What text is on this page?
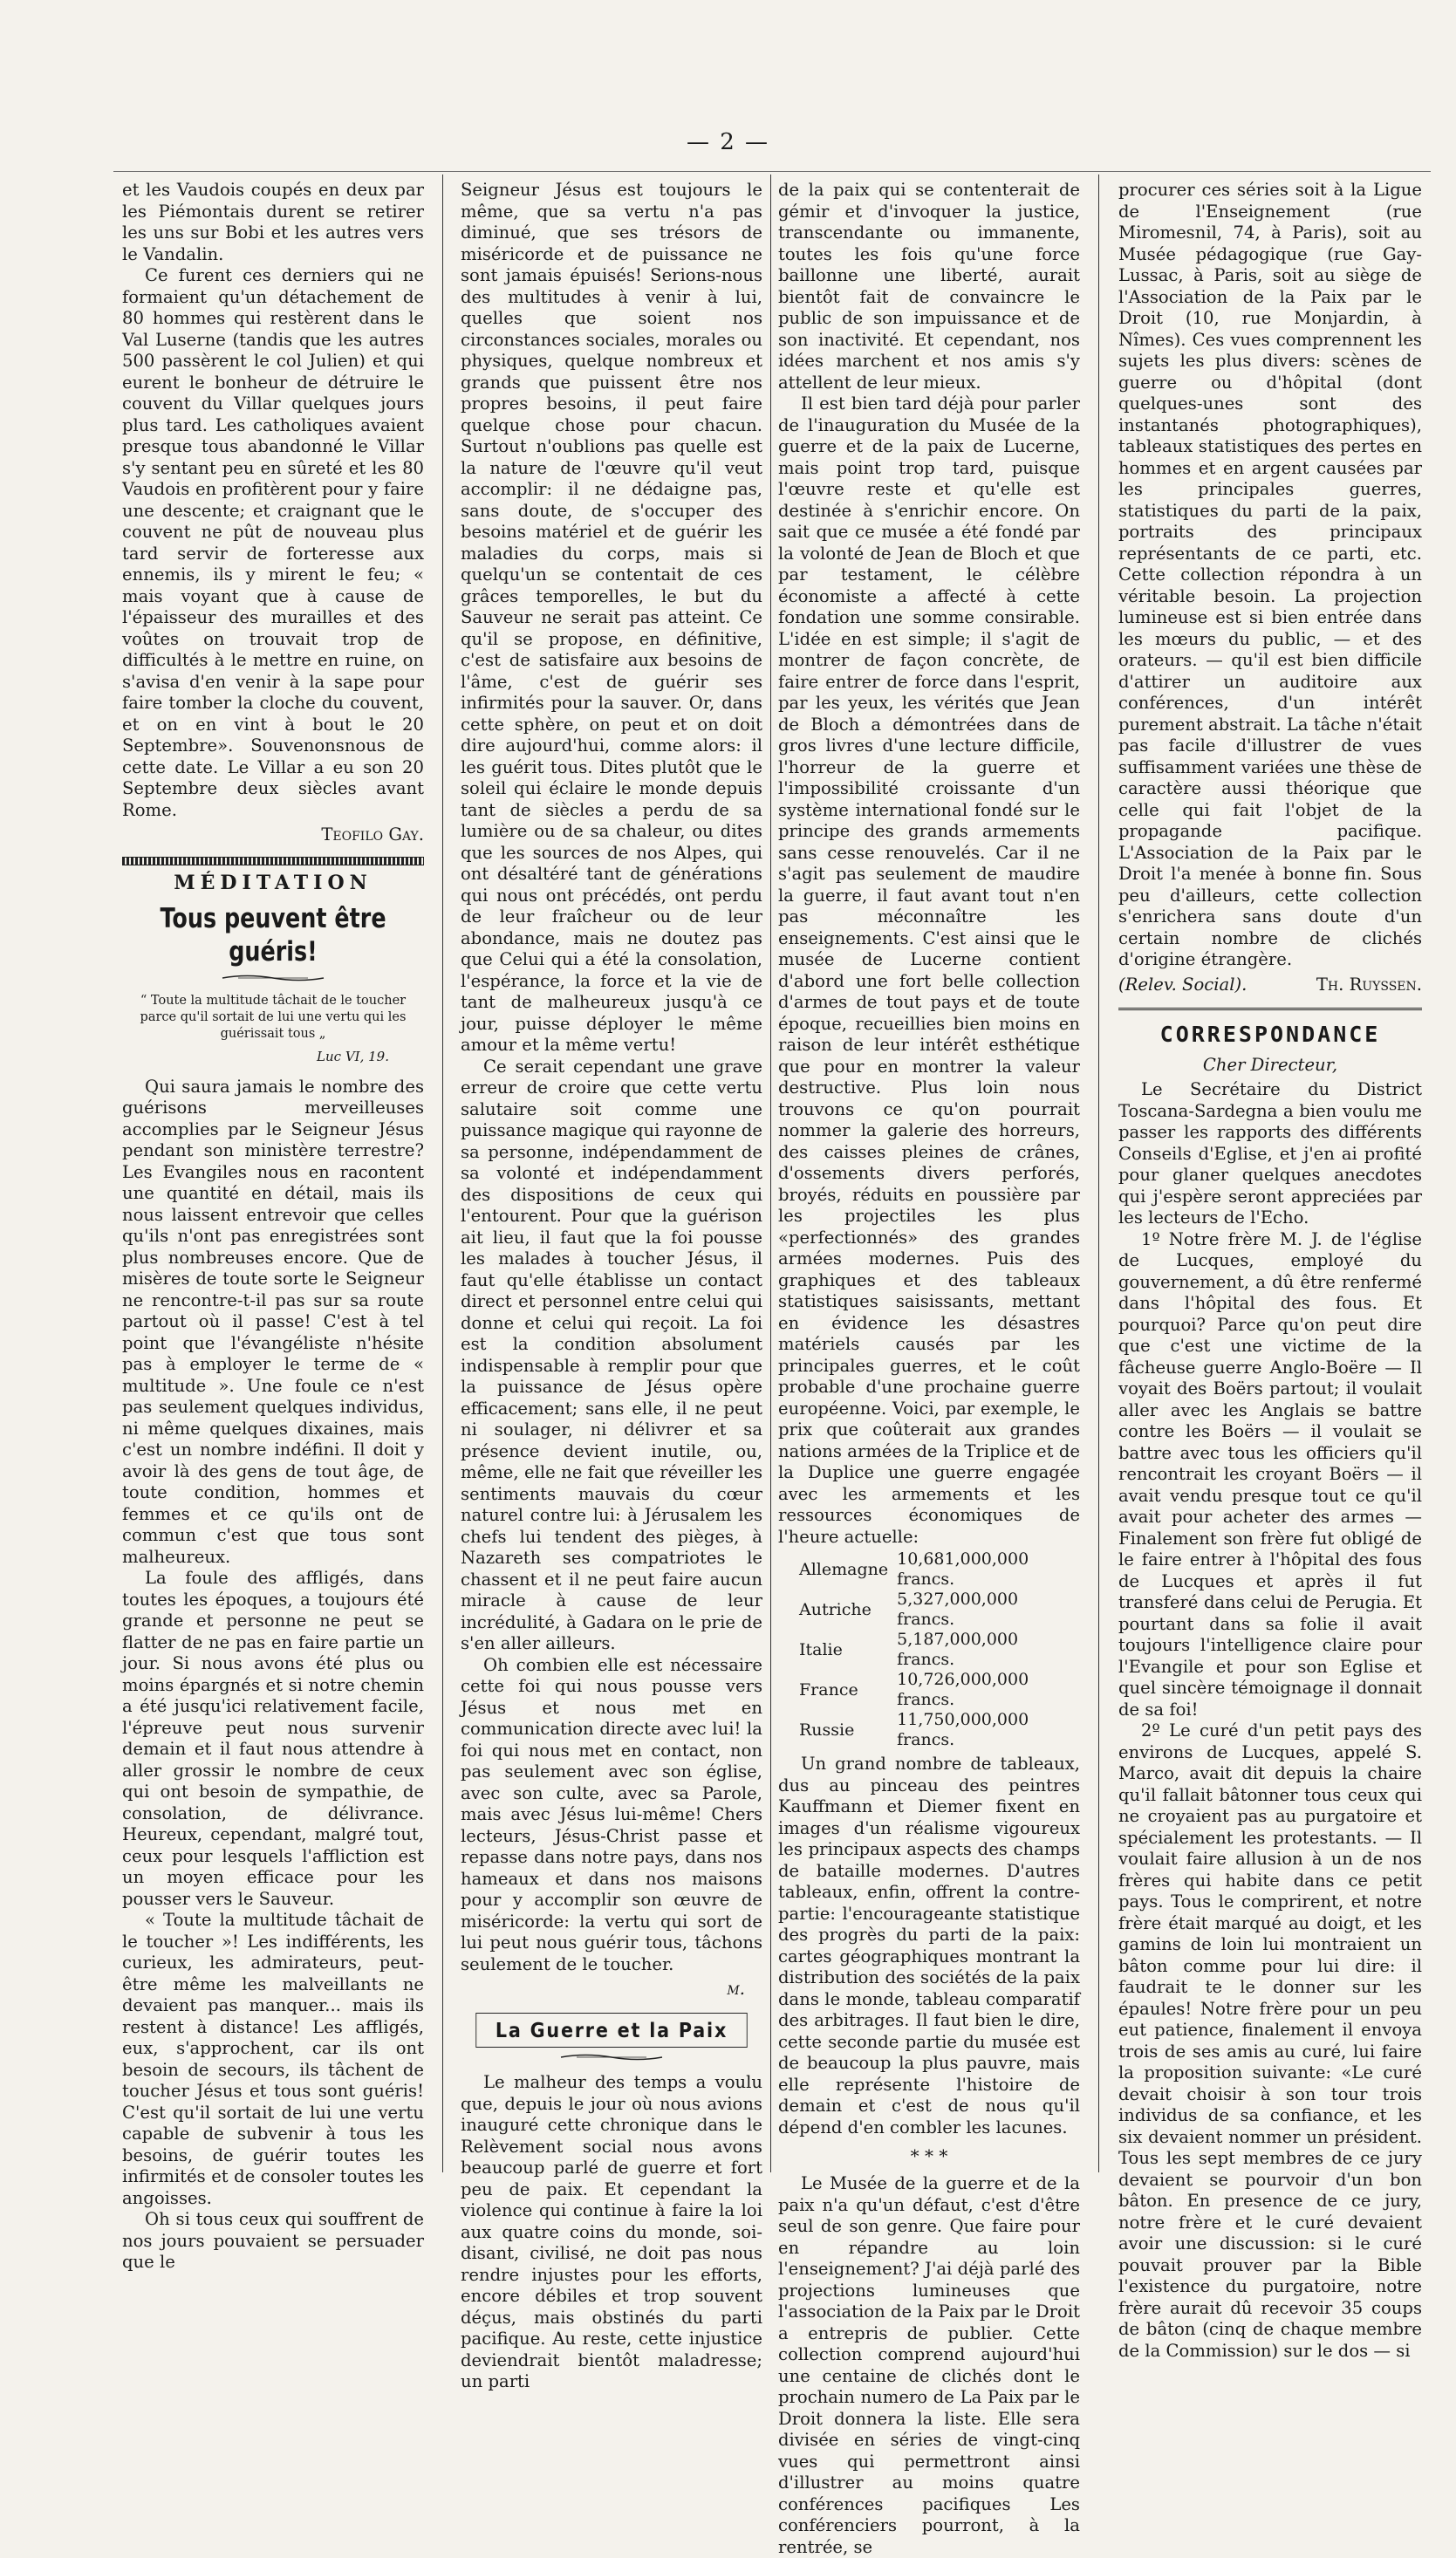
— 2 —

et les Vaudois coupés en deux par les Piémontais durent se retirer les uns sur Bobi et les autres vers le Vandalin.

Ce furent ces derniers qui ne formaient qu'un détachement de 80 hommes qui restèrent dans le Val Luserne (tandis que les autres 500 passèrent le col Julien) et qui eurent le bonheur de détruire le couvent du Villar quelques jours plus tard. Les catholiques avaient presque tous abandonné le Villar s'y sentant peu en sûreté et les 80 Vaudois en profitèrent pour y faire une descente; et craignant que le couvent ne pût de nouveau plus tard servir de forteresse aux ennemis, ils y mirent le feu; « mais voyant que à cause de l'épaisseur des murailles et des voûtes on trouvait trop de difficultés à le mettre en ruine, on s'avisa d'en venir à la sape pour faire tomber la cloche du couvent, et on en vint à bout le 20 Septembre». Souvenonsnous de cette date. Le Villar a eu son 20 Septembre deux siècles avant Rome.

Teofilo Gay.
MÉDITATION
Tous peuvent être guéris!
“ Toute la multitude tâchait de le toucher parce qu'il sortait de lui une vertu qui les guérissait tous „
Luc VI, 19.

Qui saura jamais le nombre des guérisons merveilleuses accomplies par le Seigneur Jésus pendant son ministère terrestre? Les Evangiles nous en racontent une quantité en détail, mais ils nous laissent entrevoir que celles qu'ils n'ont pas enregistrées sont plus nombreuses encore. Que de misères de toute sorte le Seigneur ne rencontre-t-il pas sur sa route partout où il passe! C'est à tel point que l'évangéliste n'hésite pas à employer le terme de « multitude ». Une foule ce n'est pas seulement quelques individus, ni même quelques dixaines, mais c'est un nombre indéfini. Il doit y avoir là des gens de tout âge, de toute condition, hommes et femmes et ce qu'ils ont de commun c'est que tous sont malheureux.

La foule des affligés, dans toutes les époques, a toujours été grande et personne ne peut se flatter de ne pas en faire partie un jour. Si nous avons été plus ou moins épargnés et si notre chemin a été jusqu'ici relativement facile, l'épreuve peut nous survenir demain et il faut nous attendre à aller grossir le nombre de ceux qui ont besoin de sympathie, de consolation, de délivrance. Heureux, cependant, malgré tout, ceux pour lesquels l'affliction est un moyen efficace pour les pousser vers le Sauveur.

« Toute la multitude tâchait de le toucher »! Les indifférents, les curieux, les admirateurs, peut-être même les malveillants ne devaient pas manquer... mais ils restent à distance! Les affligés, eux, s'approchent, car ils ont besoin de secours, ils tâchent de toucher Jésus et tous sont guéris! C'est qu'il sortait de lui une vertu capable de subvenir à tous les besoins, de guérir toutes les infirmités et de consoler toutes les angoisses.

Oh si tous ceux qui souffrent de nos jours pouvaient se persuader que le

Seigneur Jésus est toujours le même, que sa vertu n'a pas diminué, que ses trésors de miséricorde et de puissance ne sont jamais épuisés! Serions-nous des multitudes à venir à lui, quelles que soient nos circonstances sociales, morales ou physiques, quelque nombreux et grands que puissent être nos propres besoins, il peut faire quelque chose pour chacun. Surtout n'oublions pas quelle est la nature de l'œuvre qu'il veut accomplir: il ne dédaigne pas, sans doute, de s'occuper des besoins matériel et de guérir les maladies du corps, mais si quelqu'un se contentait de ces grâces temporelles, le but du Sauveur ne serait pas atteint. Ce qu'il se propose, en définitive, c'est de satisfaire aux besoins de l'âme, c'est de guérir ses infirmités pour la sauver. Or, dans cette sphère, on peut et on doit dire aujourd'hui, comme alors: il les guérit tous. Dites plutôt que le soleil qui éclaire le monde depuis tant de siècles a perdu de sa lumière ou de sa chaleur, ou dites que les sources de nos Alpes, qui ont désaltéré tant de générations qui nous ont précédés, ont perdu de leur fraîcheur ou de leur abondance, mais ne doutez pas que Celui qui a été la consolation, l'espérance, la force et la vie de tant de malheureux jusqu'à ce jour, puisse déployer le même amour et la même vertu!

Ce serait cependant une grave erreur de croire que cette vertu salutaire soit comme une puissance magique qui rayonne de sa personne, indépendamment de sa volonté et indépendamment des dispositions de ceux qui l'entourent. Pour que la guérison ait lieu, il faut que la foi pousse les malades à toucher Jésus, il faut qu'elle établisse un contact direct et personnel entre celui qui donne et celui qui reçoit. La foi est la condition absolument indispensable à remplir pour que la puissance de Jésus opère efficacement; sans elle, il ne peut ni soulager, ni délivrer et sa présence devient inutile, ou, même, elle ne fait que réveiller les sentiments mauvais du cœur naturel contre lui: à Jérusalem les chefs lui tendent des pièges, à Nazareth ses compatriotes le chassent et il ne peut faire aucun miracle à cause de leur incrédulité, à Gadara on le prie de s'en aller ailleurs.

Oh combien elle est nécessaire cette foi qui nous pousse vers Jésus et nous met en communication directe avec lui! la foi qui nous met en contact, non pas seulement avec son église, avec son culte, avec sa Parole, mais avec Jésus lui-même! Chers lecteurs, Jésus-Christ passe et repasse dans notre pays, dans nos hameaux et dans nos maisons pour y accomplir son œuvre de miséricorde: la vertu qui sort de lui peut nous guérir tous, tâchons seulement de le toucher.

m.
La Guerre et la Paix

Le malheur des temps a voulu que, depuis le jour où nous avions inauguré cette chronique dans le Relèvement social nous avons beaucoup parlé de guerre et fort peu de paix. Et cependant la violence qui continue à faire la loi aux quatre coins du monde, soi-disant, civilisé, ne doit pas nous rendre injustes pour les efforts, encore débiles et trop souvent déçus, mais obstinés du parti pacifique. Au reste, cette injustice deviendrait bientôt maladresse; un parti

de la paix qui se contenterait de gémir et d'invoquer la justice, transcendante ou immanente, toutes les fois qu'une force baillonne une liberté, aurait bientôt fait de convaincre le public de son impuissance et de son inactivité. Et cependant, nos idées marchent et nos amis s'y attellent de leur mieux.

Il est bien tard déjà pour parler de l'inauguration du Musée de la guerre et de la paix de Lucerne, mais point trop tard, puisque l'œuvre reste et qu'elle est destinée à s'enrichir encore. On sait que ce musée a été fondé par la volonté de Jean de Bloch et que par testament, le célèbre économiste a affecté à cette fondation une somme consirable. L'idée en est simple; il s'agit de montrer de façon concrète, de faire entrer de force dans l'esprit, par les yeux, les vérités que Jean de Bloch a démontrées dans de gros livres d'une lecture difficile, l'horreur de la guerre et l'impossibilité croissante d'un système international fondé sur le principe des grands armements sans cesse renouvelés. Car il ne s'agit pas seulement de maudire la guerre, il faut avant tout n'en pas méconnaître les enseignements. C'est ainsi que le musée de Lucerne contient d'abord une fort belle collection d'armes de tout pays et de toute époque, recueillies bien moins en raison de leur intérêt esthétique que pour en montrer la valeur destructive. Plus loin nous trouvons ce qu'on pourrait nommer la galerie des horreurs, des caisses pleines de crânes, d'ossements divers perforés, broyés, réduits en poussière par les projectiles les plus «perfectionnés» des grandes armées modernes. Puis des graphiques et des tableaux statistiques saisissants, mettant en évidence les désastres matériels causés par les principales guerres, et le coût probable d'une prochaine guerre européenne. Voici, par exemple, le prix que coûterait aux grandes nations armées de la Triplice et de la Duplice une guerre engagée avec les armements et les ressources économiques de l'heure actuelle:

Allemagne	10,681,000,000 francs.
Autriche	5,327,000,000 francs.
Italie	5,187,000,000 francs.
France	10,726,000,000 francs.
Russie	11,750,000,000 francs.

Un grand nombre de tableaux, dus au pinceau des peintres Kauffmann et Diemer fixent en images d'un réalisme vigoureux les principaux aspects des champs de bataille modernes. D'autres tableaux, enfin, offrent la contre-partie: l'encourageante statistique des progrès du parti de la paix: cartes géographiques montrant la distribution des sociétés de la paix dans le monde, tableau comparatif des arbitrages. Il faut bien le dire, cette seconde partie du musée est de beaucoup la plus pauvre, mais elle représente l'histoire de demain et c'est de nous qu'il dépend d'en combler les lacunes.

* * *

Le Musée de la guerre et de la paix n'a qu'un défaut, c'est d'être seul de son genre. Que faire pour en répandre au loin l'enseignement? J'ai déjà parlé des projections lumineuses que l'association de la Paix par le Droit a entrepris de publier. Cette collection comprend aujourd'hui une centaine de clichés dont le prochain numero de La Paix par le Droit donnera la liste. Elle sera divisée en séries de vingt-cinq vues qui permettront ainsi d'illustrer au moins quatre conférences pacifiques Les conférenciers pourront, à la rentrée, se

procurer ces séries soit à la Ligue de l'Enseignement (rue Miromesnil, 74, à Paris), soit au Musée pédagogique (rue Gay-Lussac, à Paris, soit au siège de l'Association de la Paix par le Droit (10, rue Monjardin, à Nîmes). Ces vues comprennent les sujets les plus divers: scènes de guerre ou d'hôpital (dont quelques-unes sont des instantanés photographiques), tableaux statistiques des pertes en hommes et en argent causées par les principales guerres, statistiques du parti de la paix, portraits des principaux représentants de ce parti, etc. Cette collection répondra à un véritable besoin. La projection lumineuse est si bien entrée dans les mœurs du public, — et des orateurs. — qu'il est bien difficile d'attirer un auditoire aux conférences, d'un intérêt purement abstrait. La tâche n'était pas facile d'illustrer de vues suffisamment variées une thèse de caractère aussi théorique que celle qui fait l'objet de la propagande pacifique. L'Association de la Paix par le Droit l'a menée à bonne fin. Sous peu d'ailleurs, cette collection s'enrichera sans doute d'un certain nombre de clichés d'origine étrangère.

(Relev. Social).	Th. Ruyssen.
CORRESPONDANCE
Cher Directeur,

Le Secrétaire du District Toscana-Sardegna a bien voulu me passer les rapports des différents Conseils d'Eglise, et j'en ai profité pour glaner quelques anecdotes qui j'espère seront appreciées par les lecteurs de l'Echo.

1º Notre frère M. J. de l'église de Lucques, employé du gouvernement, a dû être renfermé dans l'hôpital des fous. Et pourquoi? Parce qu'on peut dire que c'est une victime de la fâcheuse guerre Anglo-Boëre — Il voyait des Boërs partout; il voulait aller avec les Anglais se battre contre les Boërs — il voulait se battre avec tous les officiers qu'il rencontrait les croyant Boërs — il avait vendu presque tout ce qu'il avait pour acheter des armes — Finalement son frère fut obligé de le faire entrer à l'hôpital des fous de Lucques et après il fut transferé dans celui de Perugia. Et pourtant dans sa folie il avait toujours l'intelligence claire pour l'Evangile et pour son Eglise et quel sincère témoignage il donnait de sa foi!

2º Le curé d'un petit pays des environs de Lucques, appelé S. Marco, avait dit depuis la chaire qu'il fallait bâtonner tous ceux qui ne croyaient pas au purgatoire et spécialement les protestants. — Il voulait faire allusion à un de nos frères qui habite dans ce petit pays. Tous le comprirent, et notre frère était marqué au doigt, et les gamins de loin lui montraient un bâton comme pour lui dire: il faudrait te le donner sur les épaules! Notre frère pour un peu eut patience, finalement il envoya trois de ses amis au curé, lui faire la proposition suivante: «Le curé devait choisir à son tour trois individus de sa confiance, et les six devaient nommer un président. Tous les sept membres de ce jury devaient se pourvoir d'un bon bâton. En presence de ce jury, notre frère et le curé devaient avoir une discussion: si le curé pouvait prouver par la Bible l'existence du purgatoire, notre frère aurait dû recevoir 35 coups de bâton (cinq de chaque membre de la Commission) sur le dos — si
